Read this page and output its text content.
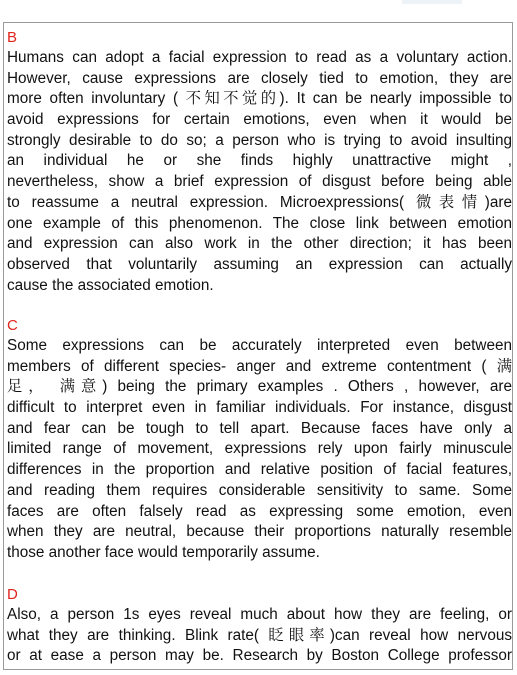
B
Humans can adopt a facial expression to read as a voluntary action.
However, cause expressions are closely tied to emotion, they are
more often involuntary ( 不知不觉的). It can be nearly impossible to
avoid expressions for certain emotions, even when it would be
strongly desirable to do so; a person who is trying to avoid insulting
an individual he or she finds highly unattractive might ,
nevertheless, show a brief expression of disgust before being able
to reassume a neutral expression. Microexpressions( 微表情)are
one example of this phenomenon. The close link between emotion
and expression can also work in the other direction; it has been
observed that voluntarily assuming an expression can actually
cause the associated emotion.
C
Some expressions can be accurately interpreted even between
members of different species- anger and extreme contentment ( 满
足， 满意) being the primary examples . Others , however, are
difficult to interpret even in familiar individuals. For instance, disgust
and fear can be tough to tell apart. Because faces have only a
limited range of movement, expressions rely upon fairly minuscule
differences in the proportion and relative position of facial features,
and reading them requires considerable sensitivity to same. Some
faces are often falsely read as expressing some emotion, even
when they are neutral, because their proportions naturally resemble
those another face would temporarily assume.
D
Also, a person 1s eyes reveal much about how they are feeling, or
what they are thinking. Blink rate( 眨眼率)can reveal how nervous
or at ease a person may be. Research by Boston College professor
